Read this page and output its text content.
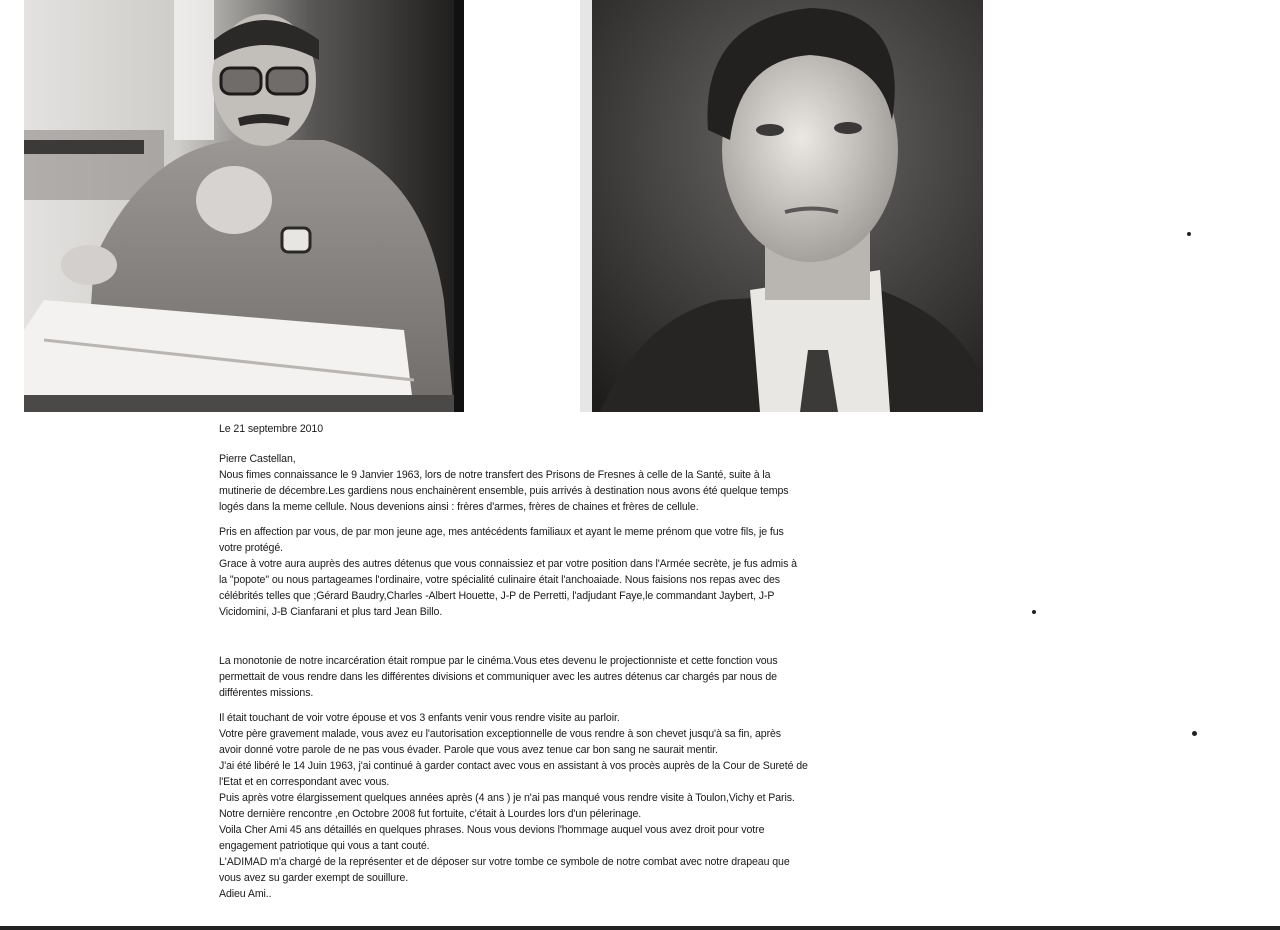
Le 21 septembre 2010

Pierre Castellan,

Nous fimes connaissance le 9 Janvier 1963, lors de notre transfert des Prisons de Fresnes à celle de la Santé, suite à la

mutinerie de décembre.Les gardiens nous enchainèrent ensemble, puis arrivés à destination nous avons été quelque temps

logés dans la meme cellule. Nous devenions ainsi : frères d'armes, frères de chaines et frères de cellule.

Pris en affection par vous, de par mon jeune age, mes antécédents familiaux et ayant le meme prénom que votre fils, je fus

votre protégé.

Grace à votre aura auprès des autres détenus que vous connaissiez et par votre position dans l'Armée secrète, je fus admis à

la "popote" ou nous partageames l'ordinaire, votre spécialité culinaire était l'anchoaiade. Nous faisions nos repas avec des

célébrités telles que ;Gérard Baudry,Charles -Albert Houette, J-P de Perretti, l'adjudant Faye,le commandant Jaybert, J-P

Vicidomini, J-B Cianfarani et plus tard Jean Billo.

La monotonie de notre incarcération était rompue par le cinéma.Vous etes devenu le projectionniste et cette fonction vous

permettait de vous rendre dans les différentes divisions et communiquer avec les autres détenus car chargés par nous de

différentes missions.

Il était touchant de voir votre épouse et vos 3 enfants venir vous rendre visite au parloir.

Votre père gravement malade, vous avez eu l'autorisation exceptionnelle de vous rendre à son chevet jusqu'à sa fin, après

avoir donné votre parole de ne pas vous évader. Parole que vous avez tenue car bon sang ne saurait mentir.

J'ai été libéré le 14 Juin 1963, j'ai continué à garder contact avec vous en assistant à vos procès auprès de la Cour de Sureté de

l'Etat et en correspondant avec vous.

Puis après votre élargissement quelques années après (4 ans ) je n'ai pas manqué vous rendre visite à Toulon,Vichy et Paris.

Notre dernière rencontre ,en Octobre 2008 fut fortuite, c'était à Lourdes lors d'un pélerinage.

Voila Cher Ami 45 ans détaillés en quelques phrases. Nous vous devions l'hommage auquel vous avez droit pour votre

engagement patriotique qui vous a tant couté.

L'ADIMAD m'a chargé de la représenter et de déposer sur votre tombe ce symbole de notre combat avec notre drapeau que

vous avez su garder exempt de souillure.

Adieu Ami..
